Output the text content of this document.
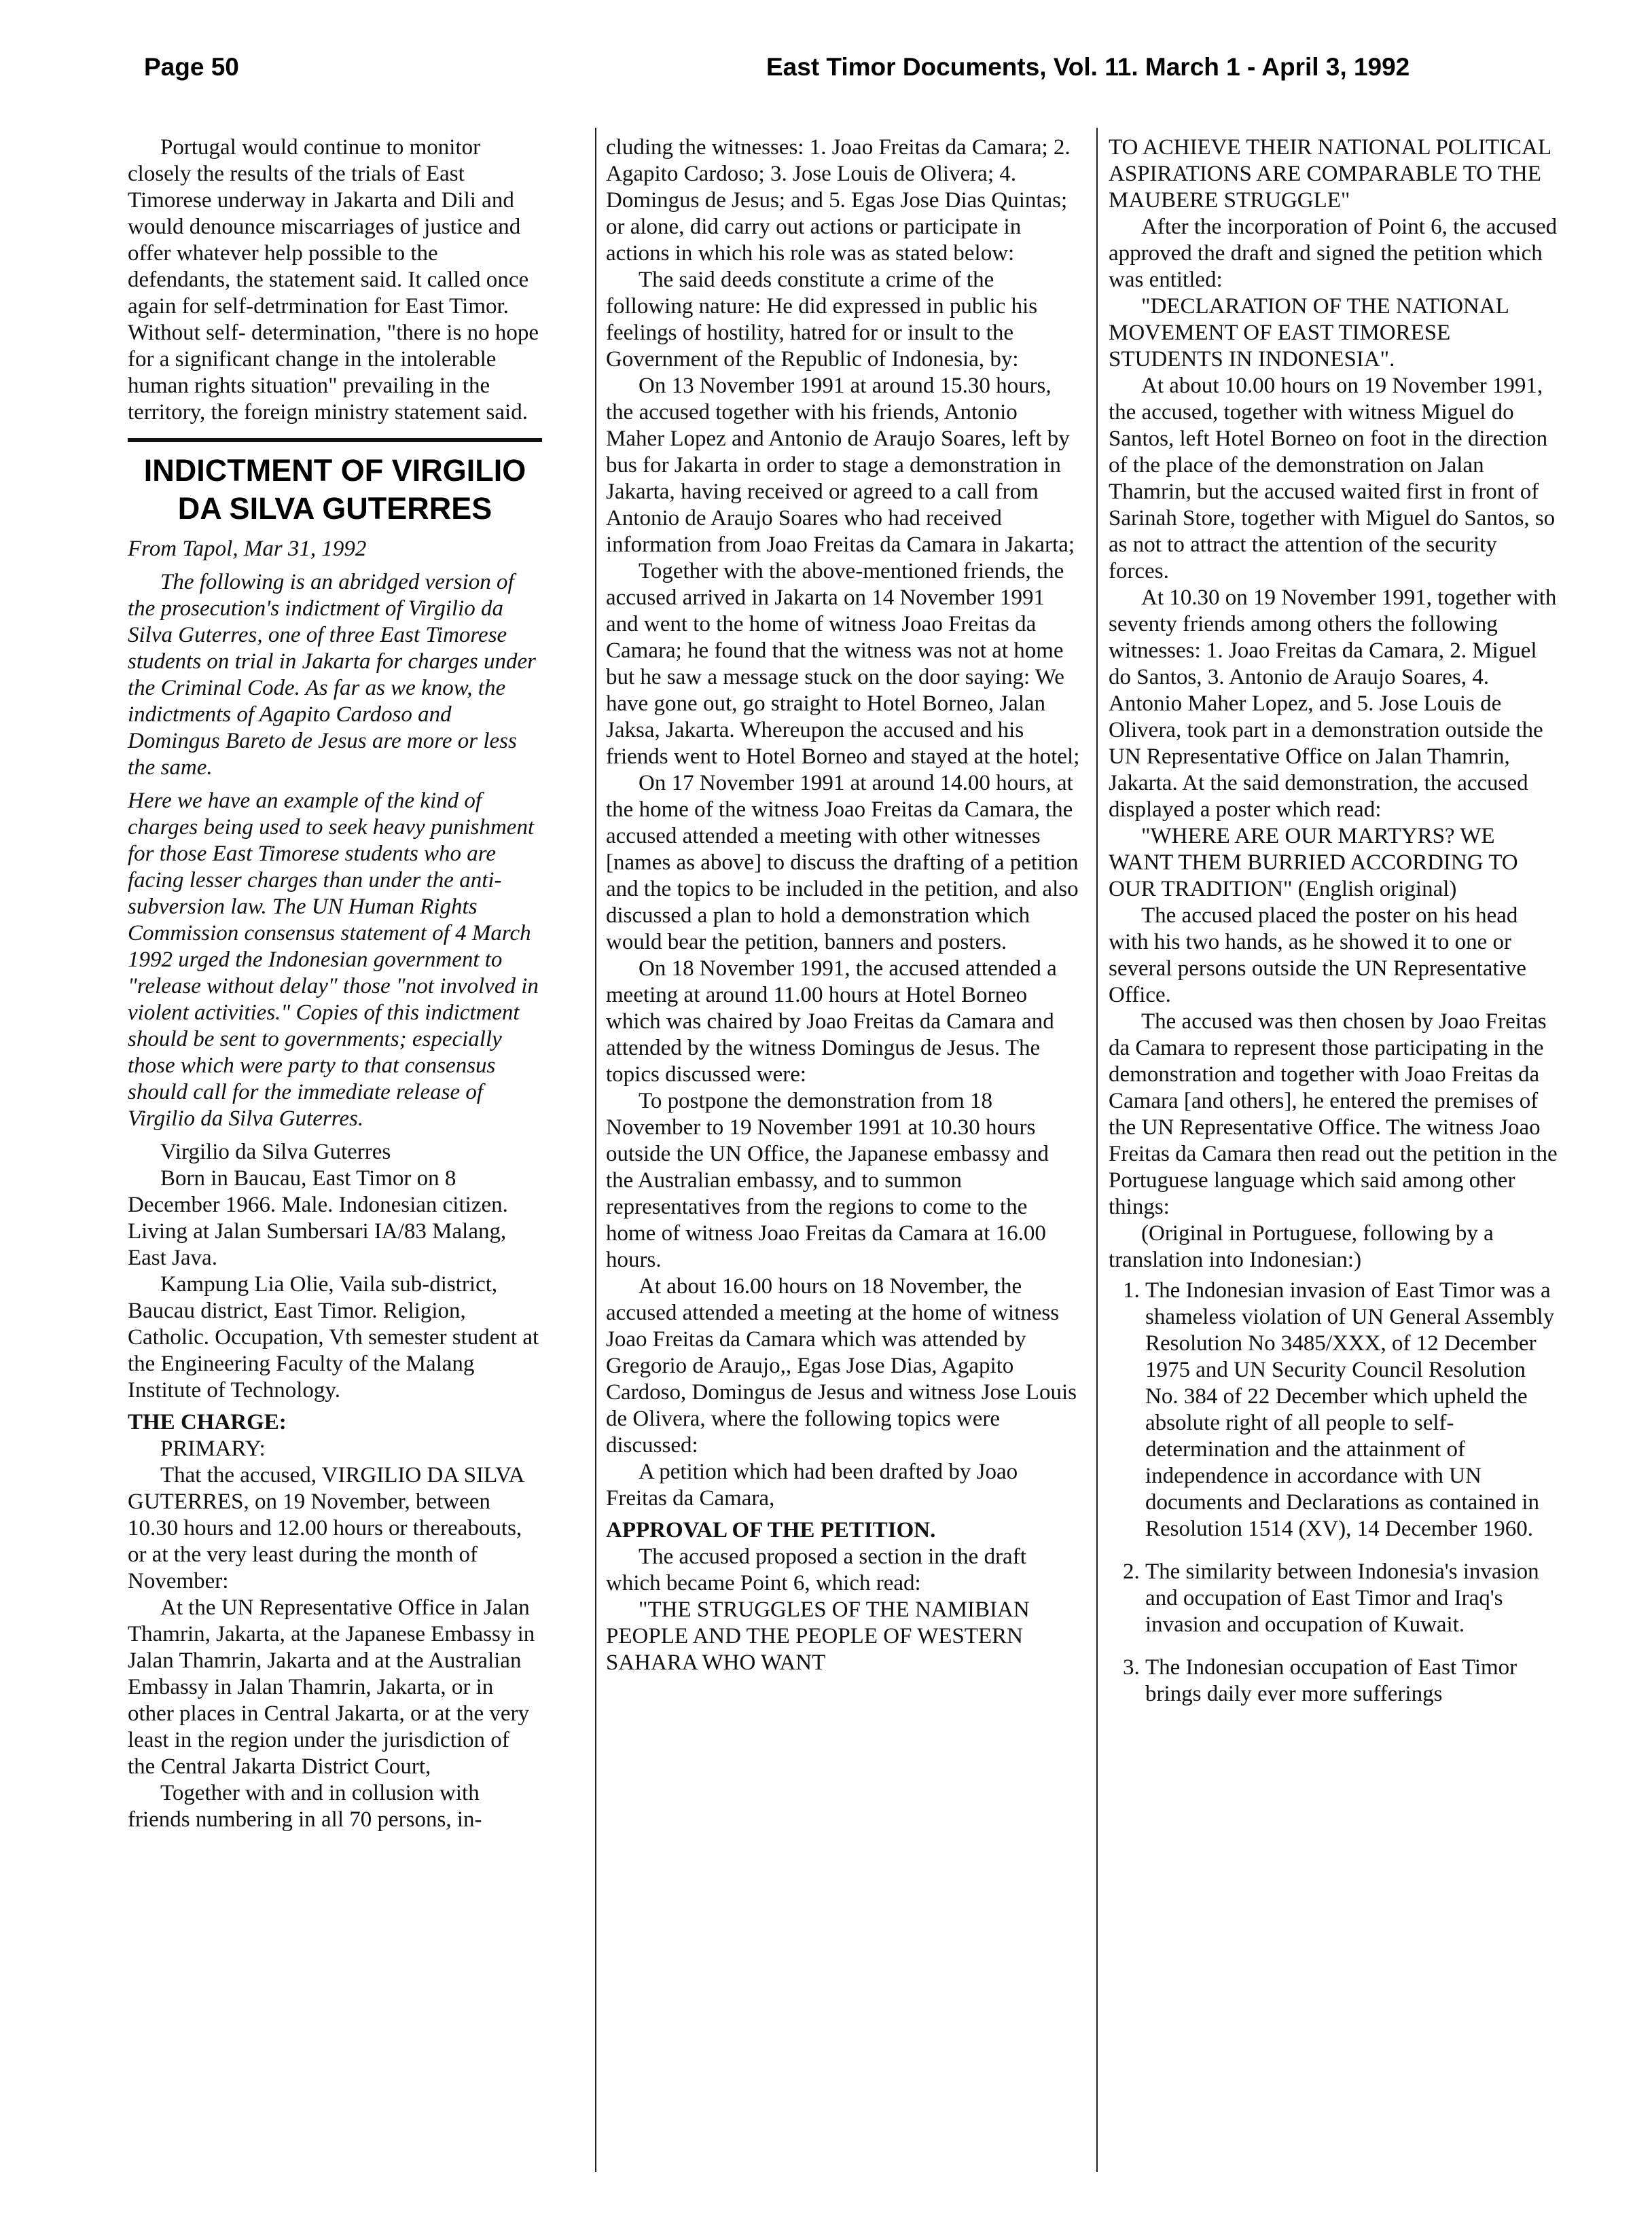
Page 50	East Timor Documents, Vol. 11. March 1 - April 3, 1992

Portugal would continue to monitor closely the results of the trials of East Timorese underway in Jakarta and Dili and would denounce miscarriages of justice and offer whatever help possible to the defendants, the statement said. It called once again for self-detrmination for East Timor. Without self- determination, "there is no hope for a significant change in the intolerable human rights situation" prevailing in the territory, the foreign ministry statement said.

INDICTMENT OF VIRGILIO DA SILVA GUTERRES

From Tapol, Mar 31, 1992

The following is an abridged version of the prosecution's indictment of Virgilio da Silva Guterres, one of three East Timorese students on trial in Jakarta for charges under the Criminal Code. As far as we know, the indictments of Agapito Cardoso and Domingus Bareto de Jesus are more or less the same.

Here we have an example of the kind of charges being used to seek heavy punishment for those East Timorese students who are facing lesser charges than under the anti-subversion law. The UN Human Rights Commission consensus statement of 4 March 1992 urged the Indonesian government to "release without delay" those "not involved in violent activities." Copies of this indictment should be sent to governments; especially those which were party to that consensus should call for the immediate release of Virgilio da Silva Guterres.

Virgilio da Silva Guterres

Born in Baucau, East Timor on 8 December 1966. Male. Indonesian citizen. Living at Jalan Sumbersari IA/83 Malang, East Java.

Kampung Lia Olie, Vaila sub-district, Baucau district, East Timor. Religion, Catholic. Occupation, Vth semester student at the Engineering Faculty of the Malang Institute of Technology.

THE CHARGE:

PRIMARY:

That the accused, VIRGILIO DA SILVA GUTERRES, on 19 November, between 10.30 hours and 12.00 hours or thereabouts, or at the very least during the month of November:

At the UN Representative Office in Jalan Thamrin, Jakarta, at the Japanese Embassy in Jalan Thamrin, Jakarta and at the Australian Embassy in Jalan Thamrin, Jakarta, or in other places in Central Jakarta, or at the very least in the region under the jurisdiction of the Central Jakarta District Court,

Together with and in collusion with friends numbering in all 70 persons, in-

cluding the witnesses: 1. Joao Freitas da Camara; 2. Agapito Cardoso; 3. Jose Louis de Olivera; 4. Domingus de Jesus; and 5. Egas Jose Dias Quintas; or alone, did carry out actions or participate in actions in which his role was as stated below:

The said deeds constitute a crime of the following nature: He did expressed in public his feelings of hostility, hatred for or insult to the Government of the Republic of Indonesia, by:

On 13 November 1991 at around 15.30 hours, the accused together with his friends, Antonio Maher Lopez and Antonio de Araujo Soares, left by bus for Jakarta in order to stage a demonstration in Jakarta, having received or agreed to a call from Antonio de Araujo Soares who had received information from Joao Freitas da Camara in Jakarta;

Together with the above-mentioned friends, the accused arrived in Jakarta on 14 November 1991 and went to the home of witness Joao Freitas da Camara; he found that the witness was not at home but he saw a message stuck on the door saying: We have gone out, go straight to Hotel Borneo, Jalan Jaksa, Jakarta. Whereupon the accused and his friends went to Hotel Borneo and stayed at the hotel;

On 17 November 1991 at around 14.00 hours, at the home of the witness Joao Freitas da Camara, the accused attended a meeting with other witnesses [names as above] to discuss the drafting of a petition and the topics to be included in the petition, and also discussed a plan to hold a demonstration which would bear the petition, banners and posters.

On 18 November 1991, the accused attended a meeting at around 11.00 hours at Hotel Borneo which was chaired by Joao Freitas da Camara and attended by the witness Domingus de Jesus. The topics discussed were:

To postpone the demonstration from 18 November to 19 November 1991 at 10.30 hours outside the UN Office, the Japanese embassy and the Australian embassy, and to summon representatives from the regions to come to the home of witness Joao Freitas da Camara at 16.00 hours.

At about 16.00 hours on 18 November, the accused attended a meeting at the home of witness Joao Freitas da Camara which was attended by Gregorio de Araujo,, Egas Jose Dias, Agapito Cardoso, Domingus de Jesus and witness Jose Louis de Olivera, where the following topics were discussed:

A petition which had been drafted by Joao Freitas da Camara,

APPROVAL OF THE PETITION.

The accused proposed a section in the draft which became Point 6, which read:

"THE STRUGGLES OF THE NAMIBIAN PEOPLE AND THE PEOPLE OF WESTERN SAHARA WHO WANT

TO ACHIEVE THEIR NATIONAL POLITICAL ASPIRATIONS ARE COMPARABLE TO THE MAUBERE STRUGGLE"

After the incorporation of Point 6, the accused approved the draft and signed the petition which was entitled:

"DECLARATION OF THE NATIONAL MOVEMENT OF EAST TIMORESE STUDENTS IN INDONESIA".

At about 10.00 hours on 19 November 1991, the accused, together with witness Miguel do Santos, left Hotel Borneo on foot in the direction of the place of the demonstration on Jalan Thamrin, but the accused waited first in front of Sarinah Store, together with Miguel do Santos, so as not to attract the attention of the security forces.

At 10.30 on 19 November 1991, together with seventy friends among others the following witnesses: 1. Joao Freitas da Camara, 2. Miguel do Santos, 3. Antonio de Araujo Soares, 4. Antonio Maher Lopez, and 5. Jose Louis de Olivera, took part in a demonstration outside the UN Representative Office on Jalan Thamrin, Jakarta. At the said demonstration, the accused displayed a poster which read:

"WHERE ARE OUR MARTYRS? WE WANT THEM BURRIED ACCORDING TO OUR TRADITION" (English original)

The accused placed the poster on his head with his two hands, as he showed it to one or several persons outside the UN Representative Office.

The accused was then chosen by Joao Freitas da Camara to represent those participating in the demonstration and together with Joao Freitas da Camara [and others], he entered the premises of the UN Representative Office. The witness Joao Freitas da Camara then read out the petition in the Portuguese language which said among other things:

(Original in Portuguese, following by a translation into Indonesian:)

1. The Indonesian invasion of East Timor was a shameless violation of UN General Assembly Resolution No 3485/XXX, of 12 December 1975 and UN Security Council Resolution No. 384 of 22 December which upheld the absolute right of all people to self- determination and the attainment of independence in accordance with UN documents and Declarations as contained in Resolution 1514 (XV), 14 December 1960.
2. The similarity between Indonesia's invasion and occupation of East Timor and Iraq's invasion and occupation of Kuwait.
3. The Indonesian occupation of East Timor brings daily ever more sufferings
